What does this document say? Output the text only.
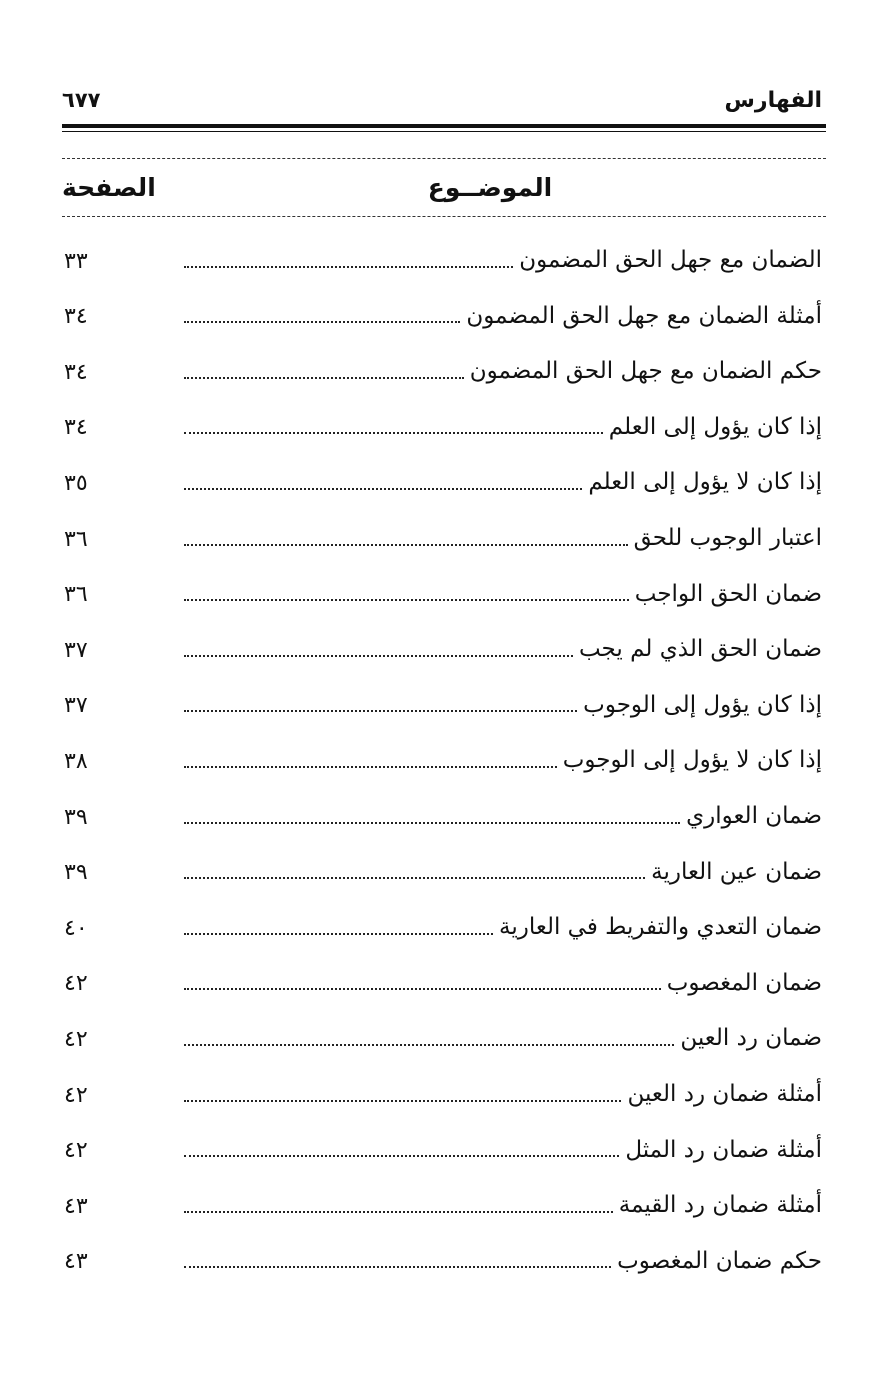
الفهارس
٦٧٧
الموضــوع
الصفحة
الضمان مع جهل الحق المضمون
٣٣
أمثلة الضمان مع جهل الحق المضمون
٣٤
حكم الضمان مع جهل الحق المضمون
٣٤
إذا كان يؤول إلى العلم
٣٤
إذا كان لا يؤول إلى العلم
٣٥
اعتبار الوجوب للحق
٣٦
ضمان الحق الواجب
٣٦
ضمان الحق الذي لم يجب
٣٧
إذا كان يؤول إلى الوجوب
٣٧
إذا كان لا يؤول إلى الوجوب
٣٨
ضمان العواري
٣٩
ضمان عين العارية
٣٩
ضمان التعدي والتفريط في العارية
٤٠
ضمان المغصوب
٤٢
ضمان رد العين
٤٢
أمثلة ضمان رد العين
٤٢
أمثلة ضمان رد المثل
٤٢
أمثلة ضمان رد القيمة
٤٣
حكم ضمان المغصوب
٤٣
